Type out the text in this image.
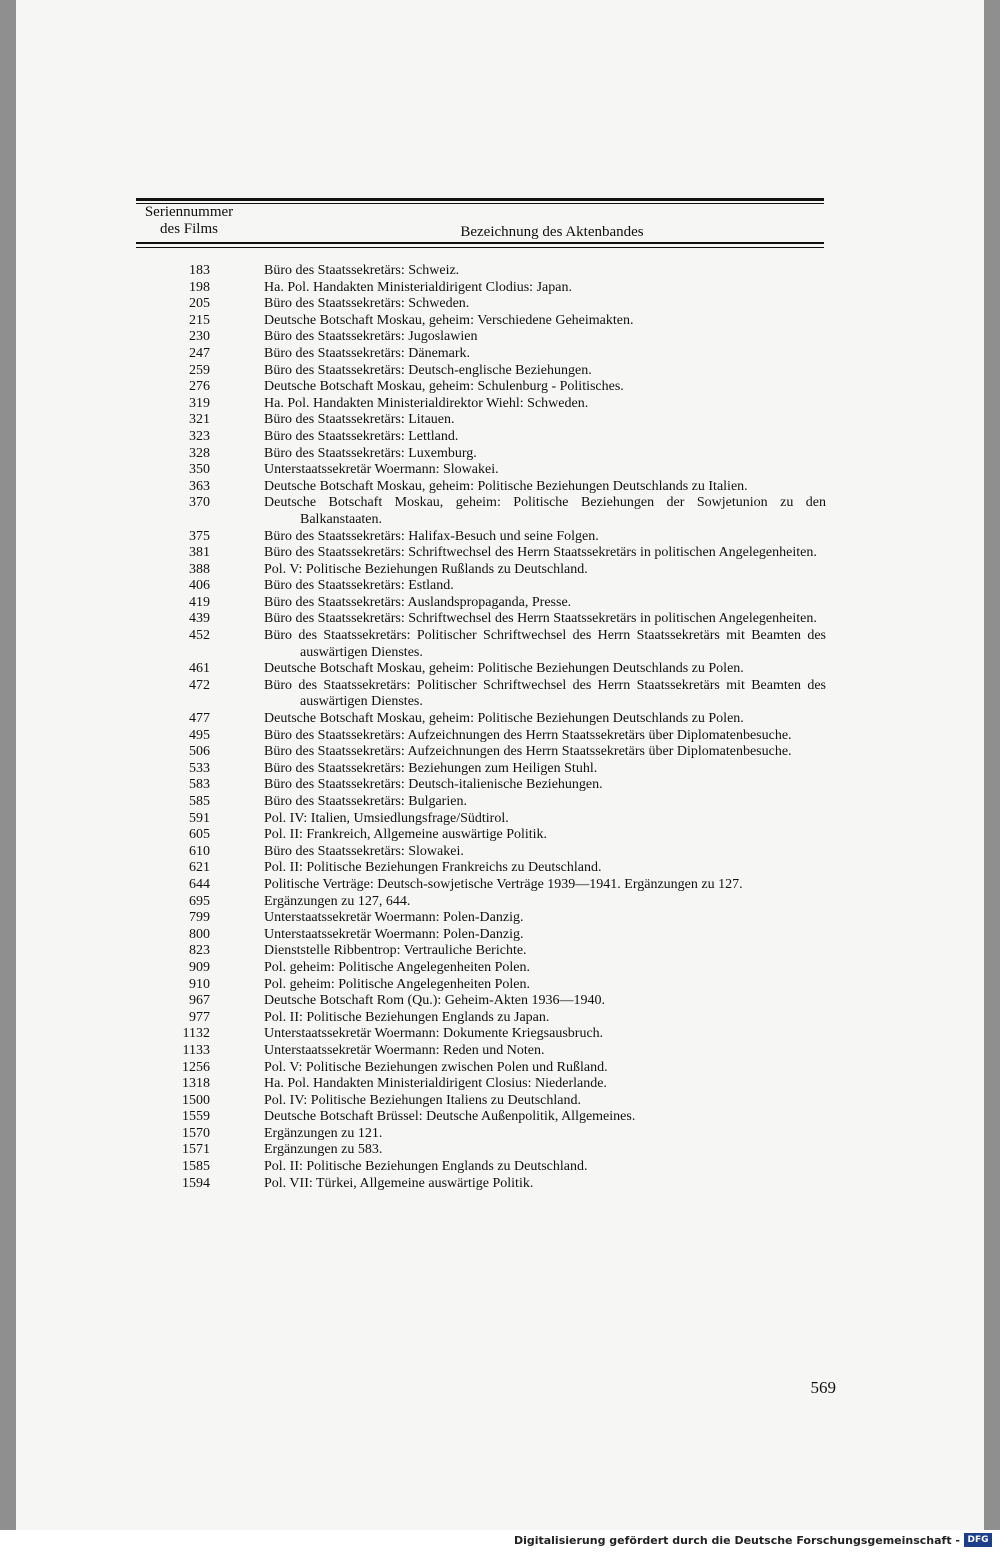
Seriennummer
des Films	Bezeichnung des Aktenbandes
183	Büro des Staatssekretärs: Schweiz.
198	Ha. Pol. Handakten Ministerialdirigent Clodius: Japan.
205	Büro des Staatssekretärs: Schweden.
215	Deutsche Botschaft Moskau, geheim: Verschiedene Geheimakten.
230	Büro des Staatssekretärs: Jugoslawien
247	Büro des Staatssekretärs: Dänemark.
259	Büro des Staatssekretärs: Deutsch-englische Beziehungen.
276	Deutsche Botschaft Moskau, geheim: Schulenburg - Politisches.
319	Ha. Pol. Handakten Ministerialdirektor Wiehl: Schweden.
321	Büro des Staatssekretärs: Litauen.
323	Büro des Staatssekretärs: Lettland.
328	Büro des Staatssekretärs: Luxemburg.
350	Unterstaatssekretär Woermann: Slowakei.
363	Deutsche Botschaft Moskau, geheim: Politische Beziehungen Deutschlands zu Italien.
370	Deutsche Botschaft Moskau, geheim: Politische Beziehungen der Sowjetunion zu den Balkanstaaten.
375	Büro des Staatssekretärs: Halifax-Besuch und seine Folgen.
381	Büro des Staatssekretärs: Schriftwechsel des Herrn Staatssekretärs in politischen Angelegenheiten.
388	Pol. V: Politische Beziehungen Rußlands zu Deutschland.
406	Büro des Staatssekretärs: Estland.
419	Büro des Staatssekretärs: Auslandspropaganda, Presse.
439	Büro des Staatssekretärs: Schriftwechsel des Herrn Staatssekretärs in politischen Angelegenheiten.
452	Büro des Staatssekretärs: Politischer Schriftwechsel des Herrn Staatssekretärs mit Beamten des auswärtigen Dienstes.
461	Deutsche Botschaft Moskau, geheim: Politische Beziehungen Deutschlands zu Polen.
472	Büro des Staatssekretärs: Politischer Schriftwechsel des Herrn Staatssekretärs mit Beamten des auswärtigen Dienstes.
477	Deutsche Botschaft Moskau, geheim: Politische Beziehungen Deutschlands zu Polen.
495	Büro des Staatssekretärs: Aufzeichnungen des Herrn Staatssekretärs über Diplomatenbesuche.
506	Büro des Staatssekretärs: Aufzeichnungen des Herrn Staatssekretärs über Diplomatenbesuche.
533	Büro des Staatssekretärs: Beziehungen zum Heiligen Stuhl.
583	Büro des Staatssekretärs: Deutsch-italienische Beziehungen.
585	Büro des Staatssekretärs: Bulgarien.
591	Pol. IV: Italien, Umsiedlungsfrage/Südtirol.
605	Pol. II: Frankreich, Allgemeine auswärtige Politik.
610	Büro des Staatssekretärs: Slowakei.
621	Pol. II: Politische Beziehungen Frankreichs zu Deutschland.
644	Politische Verträge: Deutsch-sowjetische Verträge 1939—1941. Ergänzungen zu 127.
695	Ergänzungen zu 127, 644.
799	Unterstaatssekretär Woermann: Polen-Danzig.
800	Unterstaatssekretär Woermann: Polen-Danzig.
823	Dienststelle Ribbentrop: Vertrauliche Berichte.
909	Pol. geheim: Politische Angelegenheiten Polen.
910	Pol. geheim: Politische Angelegenheiten Polen.
967	Deutsche Botschaft Rom (Qu.): Geheim-Akten 1936—1940.
977	Pol. II: Politische Beziehungen Englands zu Japan.
1132	Unterstaatssekretär Woermann: Dokumente Kriegsausbruch.
1133	Unterstaatssekretär Woermann: Reden und Noten.
1256	Pol. V: Politische Beziehungen zwischen Polen und Rußland.
1318	Ha. Pol. Handakten Ministerialdirigent Closius: Niederlande.
1500	Pol. IV: Politische Beziehungen Italiens zu Deutschland.
1559	Deutsche Botschaft Brüssel: Deutsche Außenpolitik, Allgemeines.
1570	Ergänzungen zu 121.
1571	Ergänzungen zu 583.
1585	Pol. II: Politische Beziehungen Englands zu Deutschland.
1594	Pol. VII: Türkei, Allgemeine auswärtige Politik.
569
Digitalisierung gefördert durch die Deutsche Forschungsgemeinschaft - DFG
